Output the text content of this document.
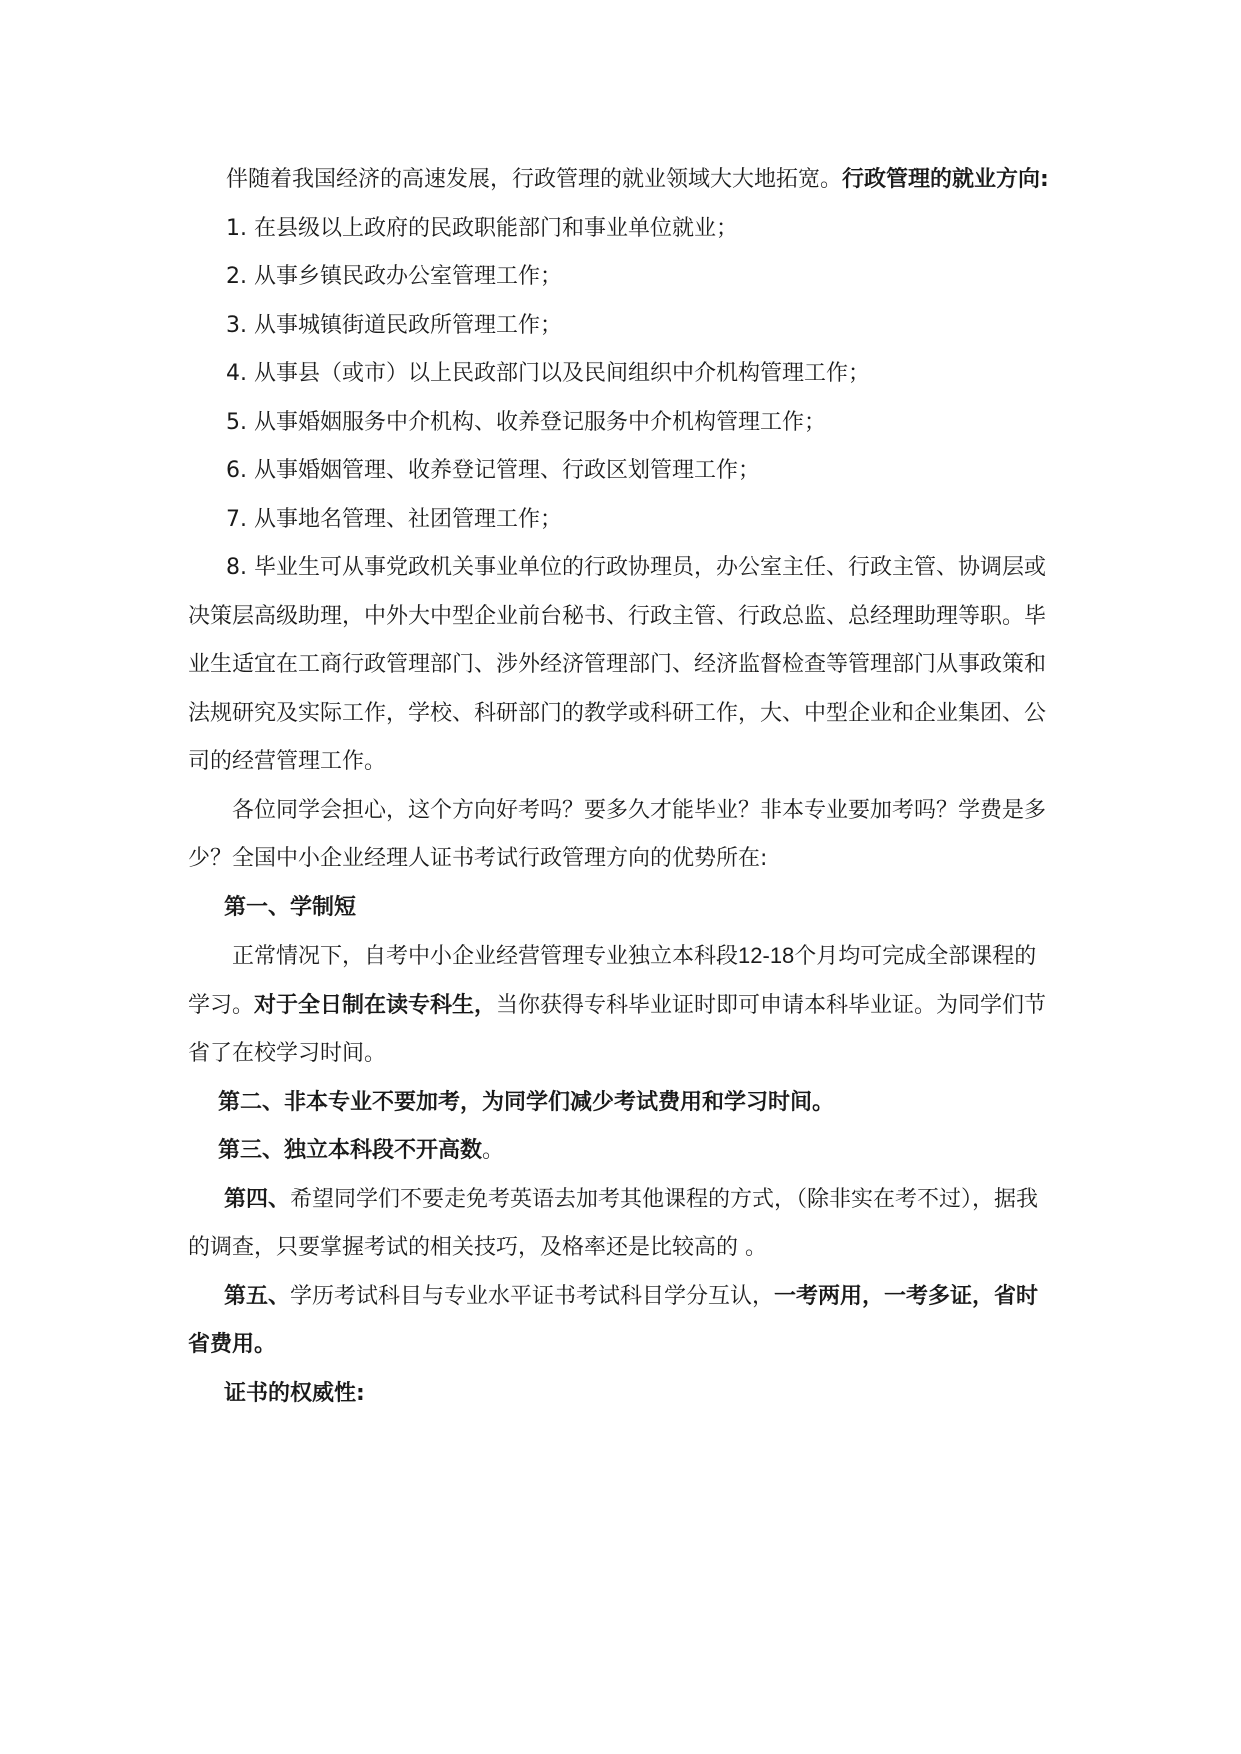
伴随着我国经济的高速发展，行政管理的就业领域大大地拓宽。行政管理的就业方向:

1. 在县级以上政府的民政职能部门和事业单位就业；

2. 从事乡镇民政办公室管理工作；

3. 从事城镇街道民政所管理工作；

4. 从事县（或市）以上民政部门以及民间组织中介机构管理工作；

5. 从事婚姻服务中介机构、收养登记服务中介机构管理工作；

6. 从事婚姻管理、收养登记管理、行政区划管理工作；

7. 从事地名管理、社团管理工作；

8. 毕业生可从事党政机关事业单位的行政协理员，办公室主任、行政主管、协调层或决策层高级助理，中外大中型企业前台秘书、行政主管、行政总监、总经理助理等职。毕业生适宜在工商行政管理部门、涉外经济管理部门、经济监督检查等管理部门从事政策和法规研究及实际工作，学校、科研部门的教学或科研工作，大、中型企业和企业集团、公司的经营管理工作。

各位同学会担心，这个方向好考吗？要多久才能毕业？非本专业要加考吗？学费是多少？全国中小企业经理人证书考试行政管理方向的优势所在:

第一、学制短

正常情况下，自考中小企业经营管理专业独立本科段12-18个月均可完成全部课程的学习。对于全日制在读专科生，当你获得专科毕业证时即可申请本科毕业证。为同学们节省了在校学习时间。

第二、非本专业不要加考，为同学们减少考试费用和学习时间。

第三、独立本科段不开高数。

第四、希望同学们不要走免考英语去加考其他课程的方式，（除非实在考不过），据我的调查，只要掌握考试的相关技巧，及格率还是比较高的 。

第五、学历考试科目与专业水平证书考试科目学分互认，一考两用，一考多证，省时省费用。

证书的权威性:
